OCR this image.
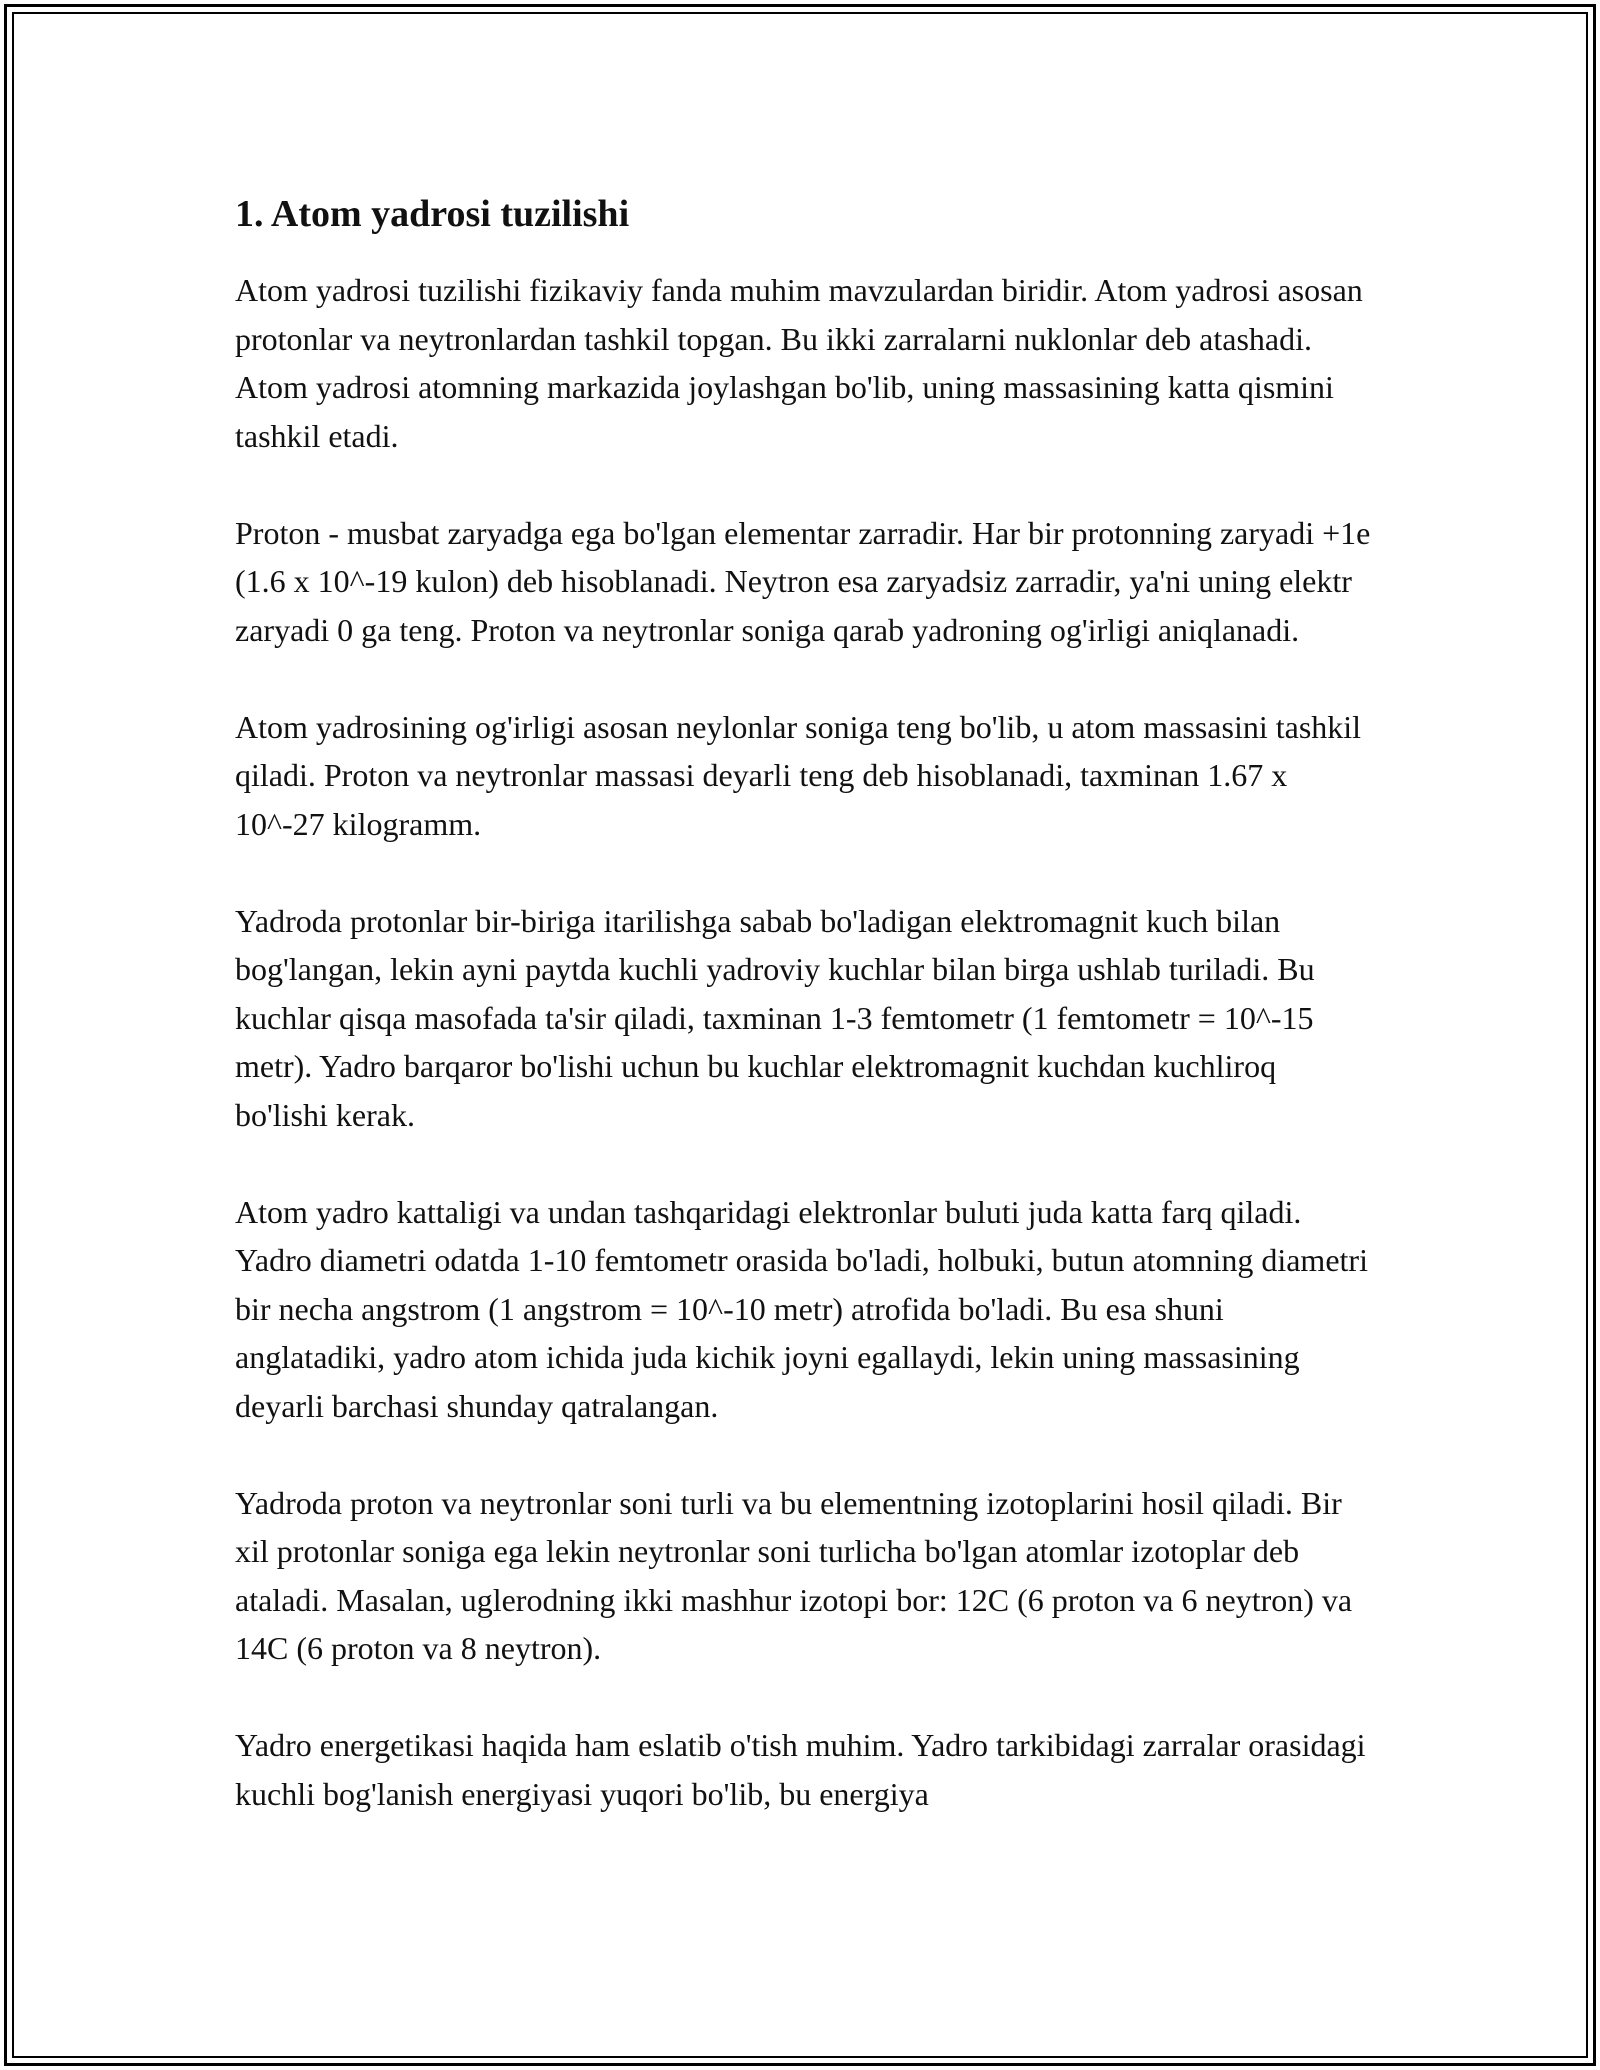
1. Atom yadrosi tuzilishi

Atom yadrosi tuzilishi fizikaviy fanda muhim mavzulardan biridir. Atom yadrosi asosan protonlar va neytronlardan tashkil topgan. Bu ikki zarralarni nuklonlar deb atashadi. Atom yadrosi atomning markazida joylashgan bo'lib, uning massasining katta qismini tashkil etadi.

Proton - musbat zaryadga ega bo'lgan elementar zarradir. Har bir protonning zaryadi +1e (1.6 x 10^-19 kulon) deb hisoblanadi. Neytron esa zaryadsiz zarradir, ya'ni uning elektr zaryadi 0 ga teng. Proton va neytronlar soniga qarab yadroning og'irligi aniqlanadi.

Atom yadrosining og'irligi asosan neylonlar soniga teng bo'lib, u atom massasini tashkil qiladi. Proton va neytronlar massasi deyarli teng deb hisoblanadi, taxminan 1.67 x 10^-27 kilogramm.

Yadroda protonlar bir-biriga itarilishga sabab bo'ladigan elektromagnit kuch bilan bog'langan, lekin ayni paytda kuchli yadroviy kuchlar bilan birga ushlab turiladi. Bu kuchlar qisqa masofada ta'sir qiladi, taxminan 1-3 femtometr (1 femtometr = 10^-15 metr). Yadro barqaror bo'lishi uchun bu kuchlar elektromagnit kuchdan kuchliroq bo'lishi kerak.

Atom yadro kattaligi va undan tashqaridagi elektronlar buluti juda katta farq qiladi. Yadro diametri odatda 1-10 femtometr orasida bo'ladi, holbuki, butun atomning diametri bir necha angstrom (1 angstrom = 10^-10 metr) atrofida bo'ladi. Bu esa shuni anglatadiki, yadro atom ichida juda kichik joyni egallaydi, lekin uning massasining deyarli barchasi shunday qatralangan.

Yadroda proton va neytronlar soni turli va bu elementning izotoplarini hosil qiladi. Bir xil protonlar soniga ega lekin neytronlar soni turlicha bo'lgan atomlar izotoplar deb ataladi. Masalan, uglerodning ikki mashhur izotopi bor: 12C (6 proton va 6 neytron) va 14C (6 proton va 8 neytron).

Yadro energetikasi haqida ham eslatib o'tish muhim. Yadro tarkibidagi zarralar orasidagi kuchli bog'lanish energiyasi yuqori bo'lib, bu energiya
